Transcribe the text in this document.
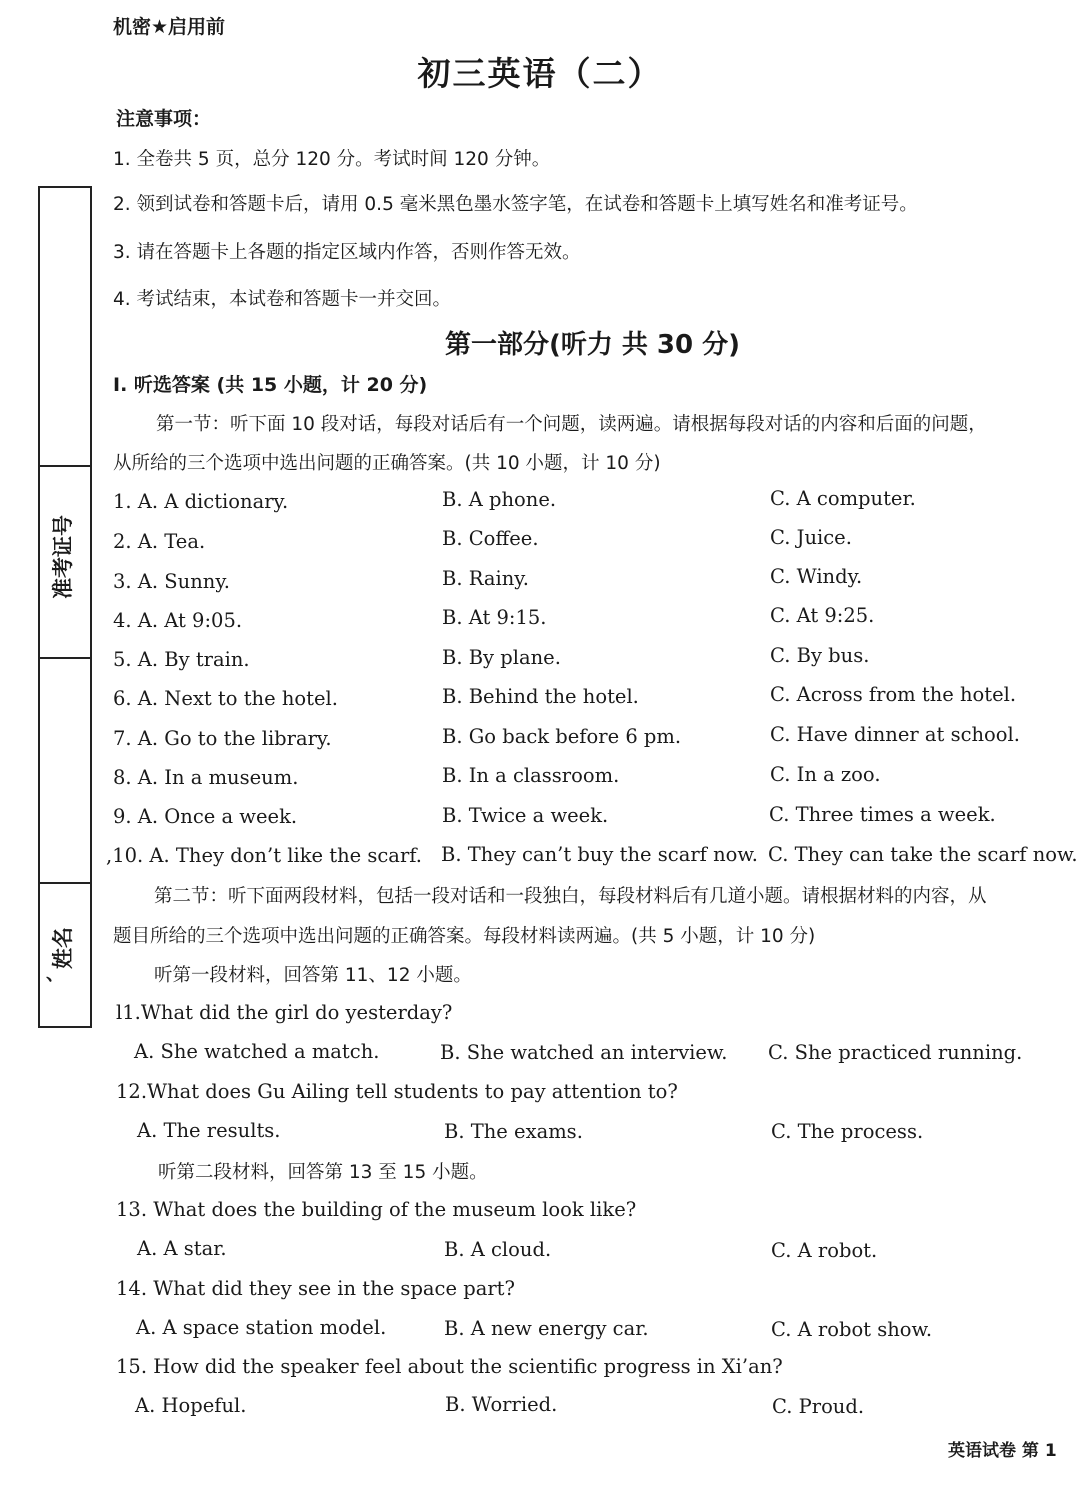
机密★启用前
初三英语（二）
注意事项：
1. 全卷共 5 页，总分 120 分。考试时间 120 分钟。
2. 领到试卷和答题卡后，请用 0.5 毫米黑色墨水签字笔，在试卷和答题卡上填写姓名和准考证号。
3. 请在答题卡上各题的指定区域内作答，否则作答无效。
4. 考试结束，本试卷和答题卡一并交回。
准考证号
姓名
、
第一部分(听力 共 30 分)
I. 听选答案 (共 15 小题，计 20 分)
第一节：听下面 10 段对话，每段对话后有一个问题，读两遍。请根据每段对话的内容和后面的问题，
从所给的三个选项中选出问题的正确答案。(共 10 小题，计 10 分)
1. A. A dictionary.	B. A phone.	C. A computer.
2. A. Tea.	B. Coffee.	C. Juice.
3. A. Sunny.	B. Rainy.	C. Windy.
4. A. At 9:05.	B. At 9:15.	C. At 9:25.
5. A. By train.	B. By plane.	C. By bus.
6. A. Next to the hotel.	B. Behind the hotel.	C. Across from the hotel.
7. A. Go to the library.	B. Go back before 6 pm.	C. Have dinner at school.
8. A. In a museum.	B. In a classroom.	C. In a zoo.
9. A. Once a week.	B. Twice a week.	C. Three times a week.
,10. A. They don’t like the scarf. B. They can’t buy the scarf now. C. They can take the scarf now.
第二节：听下面两段材料，包括一段对话和一段独白，每段材料后有几道小题。请根据材料的内容，从
题目所给的三个选项中选出问题的正确答案。每段材料读两遍。(共 5 小题，计 10 分)
听第一段材料，回答第 11、12 小题。
l1.What did the girl do yesterday?
A. She watched a match.	B. She watched an interview. C. She practiced running.
12.What does Gu Ailing tell students to pay attention to?
A. The results.	B. The exams.	C. The process.
听第二段材料，回答第 13 至 15 小题。
13. What does the building of the museum look like?
A. A star.	B. A cloud.	C. A robot.
14. What did they see in the space part?
A. A space station model.	B. A new energy car.	C. A robot show.
15. How did the speaker feel about the scientific progress in Xi’an?
A. Hopeful.	B. Worried.	C. Proud.
英语试卷 第 1
